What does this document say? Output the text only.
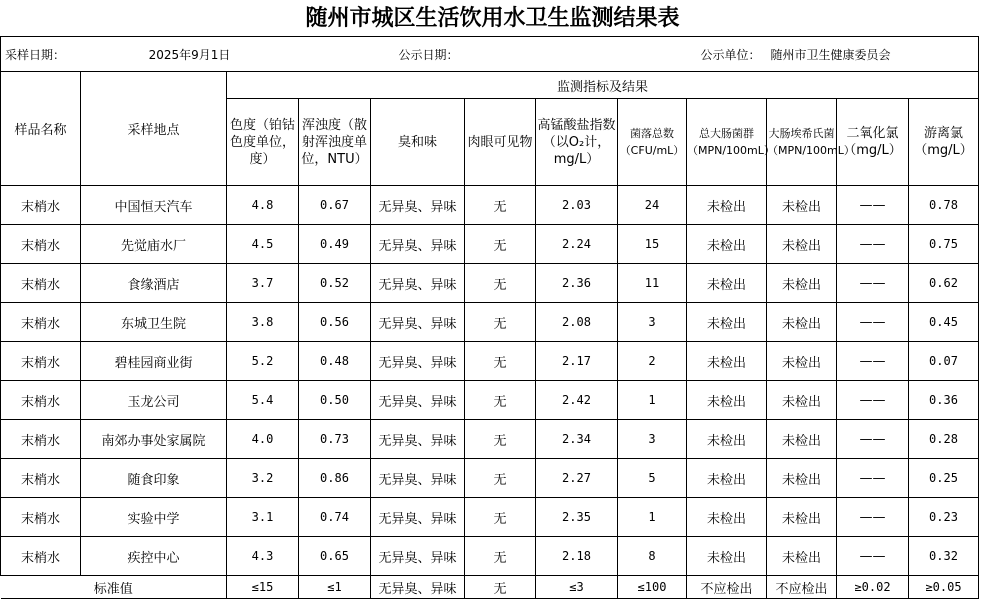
随州市城区生活饮用水卫生监测结果表
采样日期：	2025年9月1日			公示日期：				公示单位：	随州市卫生健康委员会		
样品名称	采样地点	监测指标及结果									
		色度（铂钴色度单位，度）	浑浊度（散射浑浊度单位，NTU）	臭和味	肉眼可见物	高锰酸盐指数（以O₂计，mg/L）	菌落总数（CFU/mL）	总大肠菌群（MPN/100mL）	大肠埃希氏菌（MPN/100mL）	二氧化氯（mg/L）	游离氯（mg/L）
末梢水	中国恒天汽车	4.8	0.67	无异臭、异味	无	2.03	24	未检出	未检出	——	0.78
末梢水	先觉庙水厂	4.5	0.49	无异臭、异味	无	2.24	15	未检出	未检出	——	0.75
末梢水	食缘酒店	3.7	0.52	无异臭、异味	无	2.36	11	未检出	未检出	——	0.62
末梢水	东城卫生院	3.8	0.56	无异臭、异味	无	2.08	3	未检出	未检出	——	0.45
末梢水	碧桂园商业街	5.2	0.48	无异臭、异味	无	2.17	2	未检出	未检出	——	0.07
末梢水	玉龙公司	5.4	0.50	无异臭、异味	无	2.42	1	未检出	未检出	——	0.36
末梢水	南郊办事处家属院	4.0	0.73	无异臭、异味	无	2.34	3	未检出	未检出	——	0.28
末梢水	随食印象	3.2	0.86	无异臭、异味	无	2.27	5	未检出	未检出	——	0.25
末梢水	实验中学	3.1	0.74	无异臭、异味	无	2.35	1	未检出	未检出	——	0.23
末梢水	疾控中心	4.3	0.65	无异臭、异味	无	2.18	8	未检出	未检出	——	0.32
标准值		≤15	≤1	无异臭、异味	无	≤3	≤100	不应检出	不应检出	≥0.02	≥0.05
